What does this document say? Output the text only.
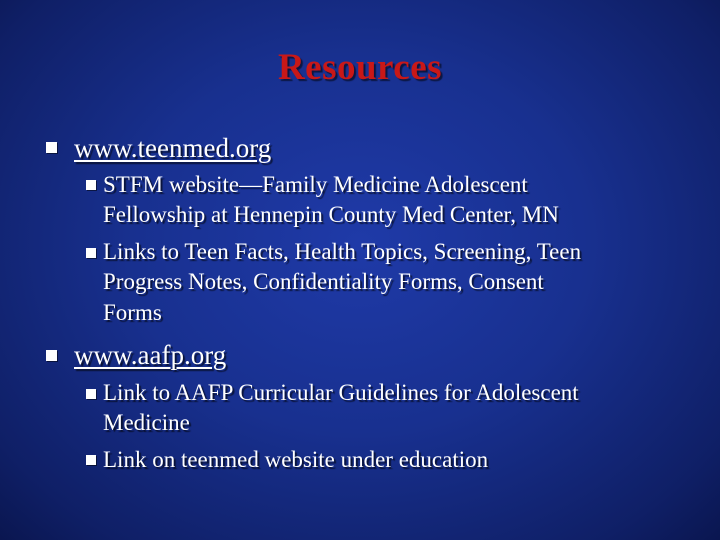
Resources
www.teenmed.org
STFM website—Family Medicine Adolescent
Fellowship at Hennepin County Med Center, MN
Links to Teen Facts, Health Topics, Screening, Teen
Progress Notes, Confidentiality Forms, Consent
Forms
www.aafp.org
Link to AAFP Curricular Guidelines for Adolescent
Medicine
Link on teenmed website under education
